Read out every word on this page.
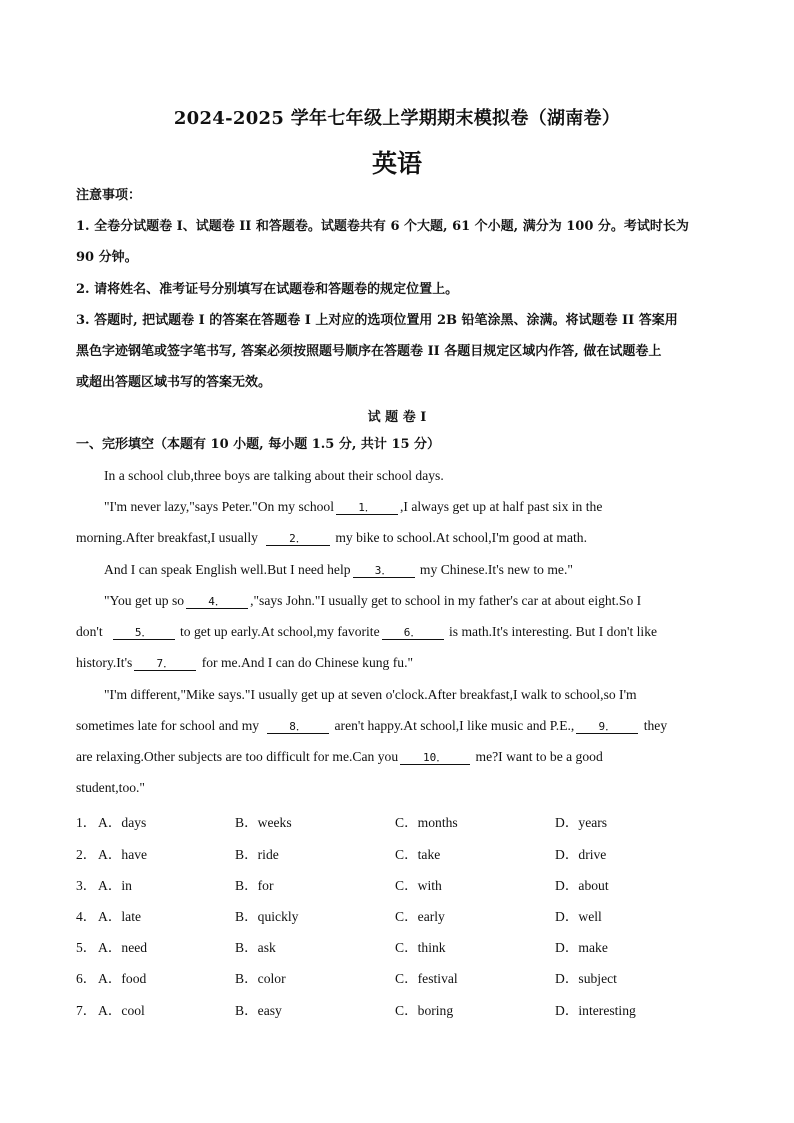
2024-2025 学年七年级上学期期末模拟卷（湖南卷）
英语
注意事项：
1. 全卷分试题卷 I、试题卷 II 和答题卷。试题卷共有 6 个大题, 61 个小题, 满分为 100 分。考试时长为
90 分钟。
2. 请将姓名、准考证号分别填写在试题卷和答题卷的规定位置上。
3. 答题时, 把试题卷 I 的答案在答题卷 I 上对应的选项位置用 2B 铅笔涂黑、涂满。将试题卷 II 答案用
黑色字迹钢笔或签字笔书写, 答案必须按照题号顺序在答题卷 II 各题目规定区域内作答, 做在试题卷上
或超出答题区域书写的答案无效。
试 题 卷 I
一、完形填空（本题有 10 小题, 每小题 1.5 分, 共计 15 分）
In a school club,three boys are talking about their school days.
"I'm never lazy,"says Peter."On my school 1． ,I always get up at half past six in the
morning.After breakfast,I usually	2． my bike to school.At school,I'm good at math.
And I can speak English well.But I need help 3． my Chinese.It's new to me."
"You get up so 4． ,"says John."I usually get to school in my father's car at about eight.So I
don't	5． to get up early.At school,my favorite 6． is math.It's interesting. But I don't like
history.It's 7． for me.And I can do Chinese kung fu."
"I'm different,"Mike says."I usually get up at seven o'clock.After breakfast,I walk to school,so I'm
sometimes late for school and my	8． aren't happy.At school,I like music and P.E., 9． they
are relaxing.Other subjects are too difficult for me.Can you 10． me?I want to be a good
student,too."
1． A．days	B．weeks	C．months	D．years
2． A．have	B．ride	C．take	D．drive
3． A．in	B．for	C．with	D．about
4． A．late	B．quickly	C．early	D．well
5． A．need	B．ask	C．think	D．make
6． A．food	B．color	C．festival	D．subject
7． A．cool	B．easy	C．boring	D．interesting
